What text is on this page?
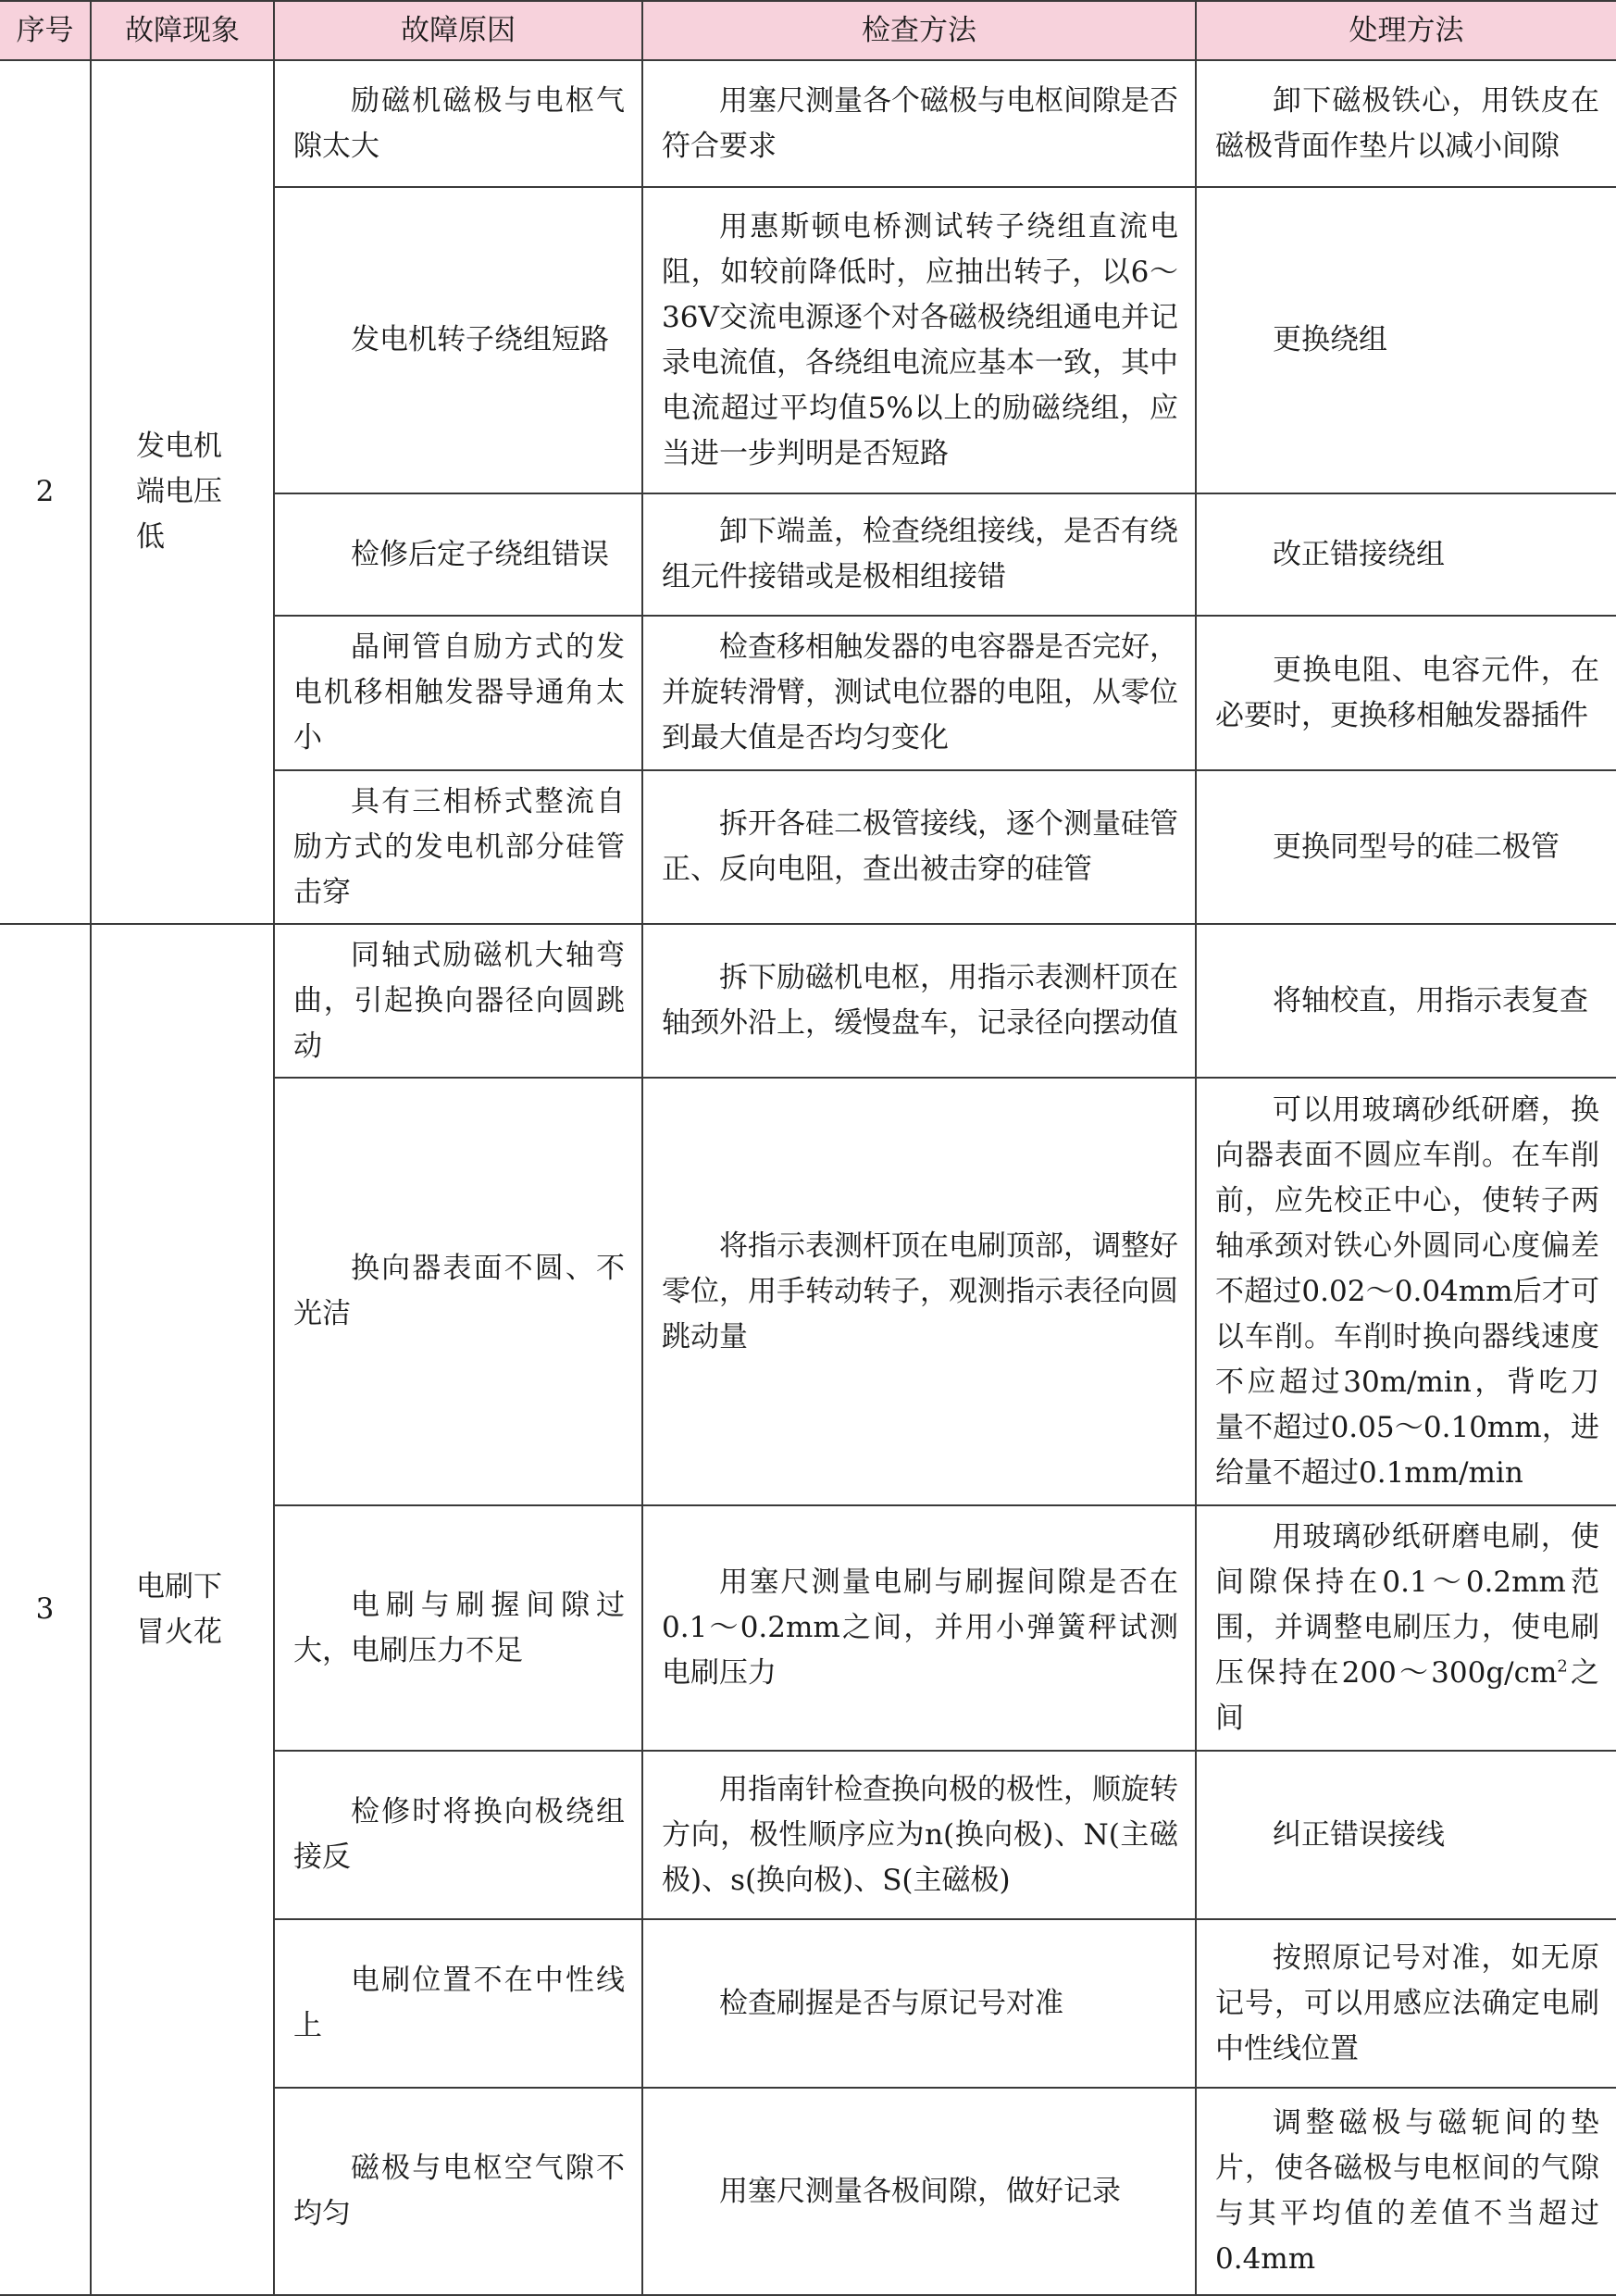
序号	故障现象	故障原因	检查方法	处理方法
2	发电机端电压低	励磁机磁极与电枢气隙太大	用塞尺测量各个磁极与电枢间隙是否符合要求	卸下磁极铁心，用铁皮在磁极背面作垫片以减小间隙

		发电机转子绕组短路	用惠斯顿电桥测试转子绕组直流电阻，如较前降低时，应抽出转子，以6～36V交流电源逐个对各磁极绕组通电并记录电流值，各绕组电流应基本一致，其中电流超过平均值5%以上的励磁绕组，应当进一步判明是否短路	更换绕组

		检修后定子绕组错误	卸下端盖，检查绕组接线，是否有绕组元件接错或是极相组接错	改正错接绕组

		晶闸管自励方式的发电机移相触发器导通角太小	检查移相触发器的电容器是否完好，并旋转滑臂，测试电位器的电阻，从零位到最大值是否均匀变化	更换电阻、电容元件，在必要时，更换移相触发器插件

		具有三相桥式整流自励方式的发电机部分硅管击穿	拆开各硅二极管接线，逐个测量硅管正、反向电阻，查出被击穿的硅管	更换同型号的硅二极管

3	电刷下冒火花	同轴式励磁机大轴弯曲，引起换向器径向圆跳动	拆下励磁机电枢，用指示表测杆顶在轴颈外沿上，缓慢盘车，记录径向摆动值	将轴校直，用指示表复查

		换向器表面不圆、不光洁	将指示表测杆顶在电刷顶部，调整好零位，用手转动转子，观测指示表径向圆跳动量	可以用玻璃砂纸研磨，换向器表面不圆应车削。在车削前，应先校正中心，使转子两轴承颈对铁心外圆同心度偏差不超过0.02～0.04mm后才可以车削。车削时换向器线速度不应超过30m/min，背吃刀量不超过0.05～0.10mm，进给量不超过0.1mm/min

		电刷与刷握间隙过大，电刷压力不足	用塞尺测量电刷与刷握间隙是否在0.1～0.2mm之间，并用小弹簧秤试测电刷压力	用玻璃砂纸研磨电刷，使间隙保持在0.1～0.2mm范围，并调整电刷压力，使电刷压保持在$200\sim 300g/cm^2$之间

		检修时将换向极绕组接反	用指南针检查换向极的极性，顺旋转方向，极性顺序应为n(换向极)、N(主磁极)、s(换向极)、S(主磁极)	纠正错误接线

		电刷位置不在中性线上	检查刷握是否与原记号对准	按照原记号对准，如无原记号，可以用感应法确定电刷中性线位置

		磁极与电枢空气隙不均匀	用塞尺测量各极间隙，做好记录	调整磁极与磁轭间的垫片，使各磁极与电枢间的气隙与其平均值的差值不当超过0.4mm
